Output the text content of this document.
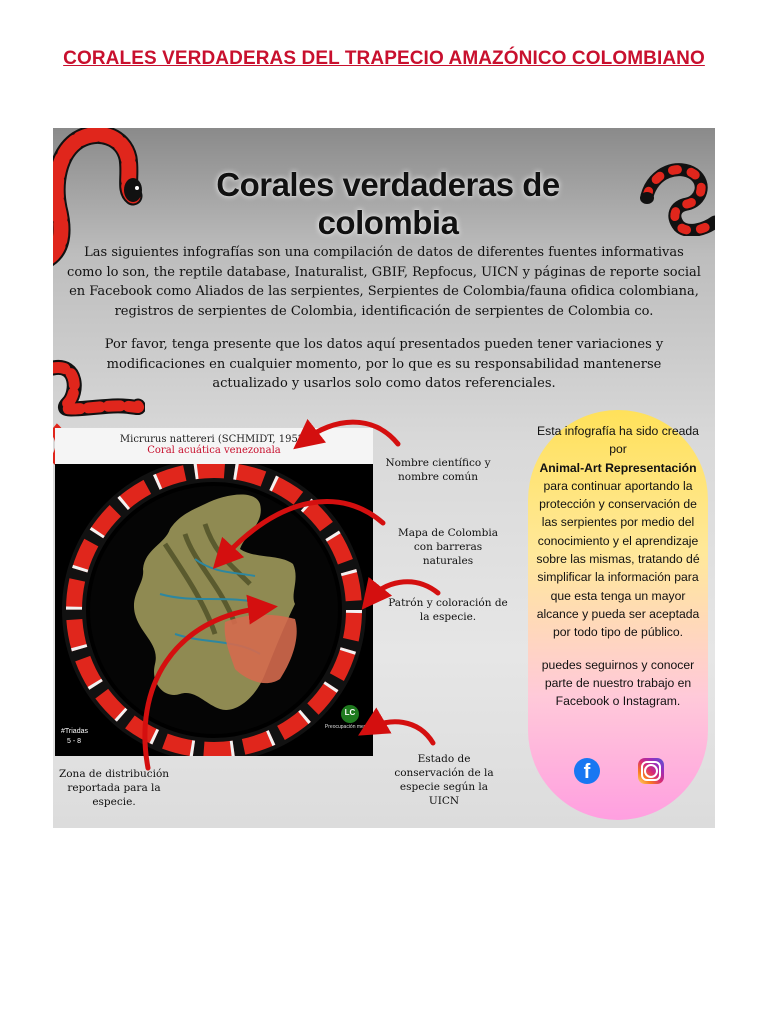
CORALES VERDADERAS DEL TRAPECIO AMAZÓNICO COLOMBIANO
Corales verdaderas de colombia

Las siguientes infografías son una compilación de datos de diferentes fuentes informativas como lo son, the reptile database, Inaturalist, GBIF, Repfocus, UICN y páginas de reporte social en Facebook como Aliados de las serpientes, Serpientes de Colombia/fauna ofidica colombiana, registros de serpientes de Colombia, identificación de serpientes de Colombia co.

Por favor, tenga presente que los datos aquí presentados pueden tener variaciones y modificaciones en cualquier momento, por lo que es su responsabilidad mantenerse actualizado y usarlos solo como datos referenciales.

Micrurus nattereri (SCHMIDT, 1952)
Coral acuática venezonala
LC
Preocupación menor
#Triadas
5 - 8
Nombre científico y nombre común
Mapa de Colombia con barreras naturales
Patrón y coloración de la especie.
Estado de conservación de la especie según la UICN
Zona de distribución reportada para la especie.
Esta infografía ha sido creada por
Animal-Art Representación
para continuar aportando la protección y conservación de las serpientes por medio del conocimiento y el aprendizaje sobre las mismas, tratando dé simplificar la información para que esta tenga un mayor alcance y pueda ser aceptada por todo tipo de público.
puedes seguirnos y conocer parte de nuestro trabajo en Facebook o Instagram.
f
